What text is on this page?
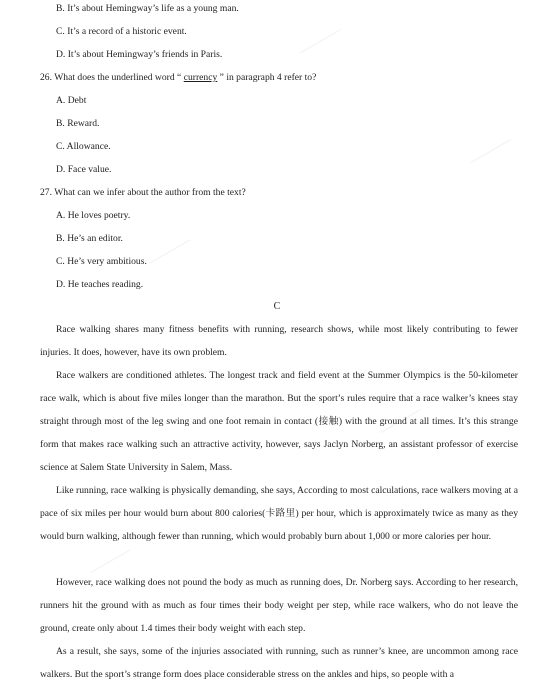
B. It’s about Hemingway’s life as a young man.
C. It’s a record of a historic event.
D. It’s about Hemingway’s friends in Paris.
26. What does the underlined word “ currency ” in paragraph 4 refer to?
A. Debt
B. Reward.
C. Allowance.
D. Face value.
27. What can we infer about the author from the text?
A. He loves poetry.
B. He’s an editor.
C. He’s very ambitious.
D. He teaches reading.
C

Race walking shares many fitness benefits with running, research shows, while most likely contributing to fewer injuries. It does, however, have its own problem.

Race walkers are conditioned athletes. The longest track and field event at the Summer Olympics is the 50-kilometer race walk, which is about five miles longer than the marathon. But the sport’s rules require that a race walker’s knees stay straight through most of the leg swing and one foot remain in contact (接触) with the ground at all times. It’s this strange form that makes race walking such an attractive activity, however, says Jaclyn Norberg, an assistant professor of exercise science at Salem State University in Salem, Mass.

Like running, race walking is physically demanding, she says, According to most calculations, race walkers moving at a pace of six miles per hour would burn about 800 calories(卡路里) per hour, which is approximately twice as many as they would burn walking, although fewer than running, which would probably burn about 1,000 or more calories per hour.

However, race walking does not pound the body as much as running does, Dr. Norberg says. According to her research, runners hit the ground with as much as four times their body weight per step, while race walkers, who do not leave the ground, create only about 1.4 times their body weight with each step.

As a result, she says, some of the injuries associated with running, such as runner’s knee, are uncommon among race walkers. But the sport’s strange form does place considerable stress on the ankles and hips, so people with a
